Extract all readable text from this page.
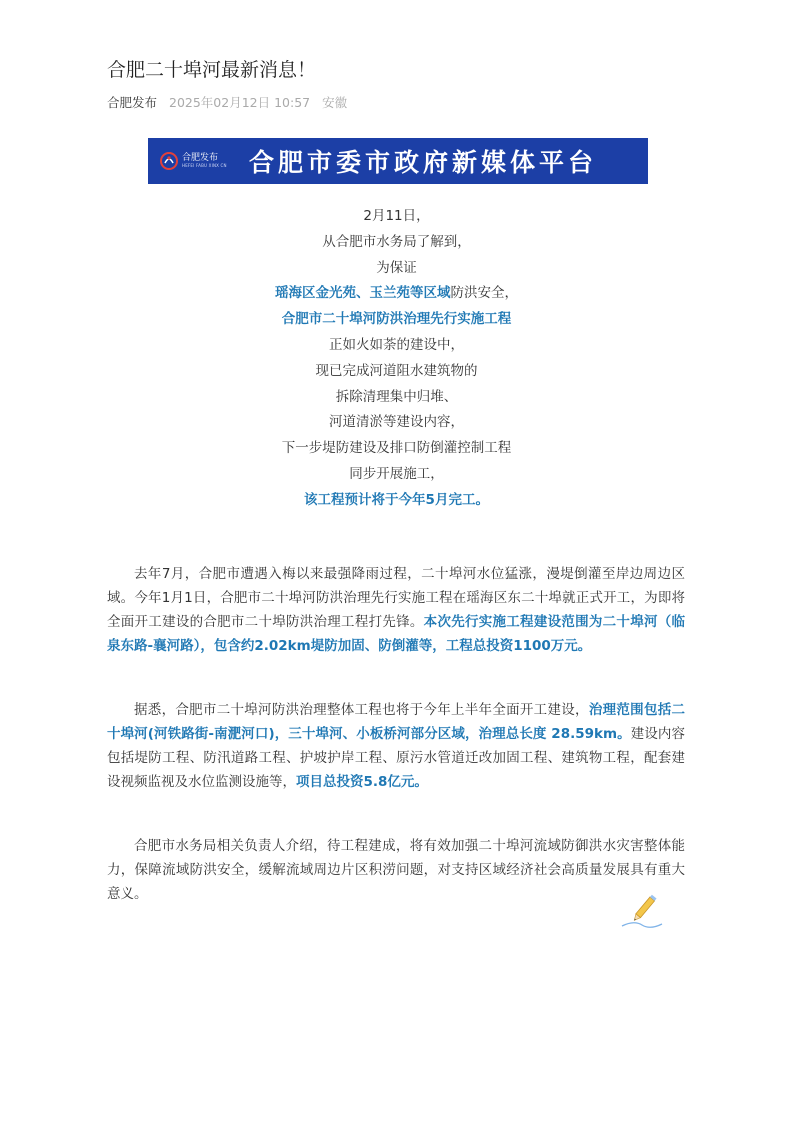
合肥二十埠河最新消息！
合肥发布 2025年02月12日 10:57 安徽
合肥发布
HEFEI FABU XINX CN 合肥市委市政府新媒体平台
2月11日，
从合肥市水务局了解到，
为保证
瑶海区金光苑、玉兰苑等区域防洪安全，
合肥市二十埠河防洪治理先行实施工程
正如火如荼的建设中，
现已完成河道阻水建筑物的
拆除清理集中归堆、
河道清淤等建设内容，
下一步堤防建设及排口防倒灌控制工程
同步开展施工，
该工程预计将于今年5月完工。

去年7月，合肥市遭遇入梅以来最强降雨过程，二十埠河水位猛涨，漫堤倒灌至岸边周边区域。今年1月1日，合肥市二十埠河防洪治理先行实施工程在瑶海区东二十埠就正式开工，为即将全面开工建设的合肥市二十埠防洪治理工程打先锋。本次先行实施工程建设范围为二十埠河（临泉东路-襄河路），包含约2.02km堤防加固、防倒灌等，工程总投资1100万元。

据悉，合肥市二十埠河防洪治理整体工程也将于今年上半年全面开工建设，治理范围包括二十埠河(河铁路街-南淝河口)，三十埠河、小板桥河部分区域，治理总长度 28.59km。建设内容包括堤防工程、防汛道路工程、护坡护岸工程、原污水管道迁改加固工程、建筑物工程，配套建设视频监视及水位监测设施等，项目总投资5.8亿元。

合肥市水务局相关负责人介绍，待工程建成，将有效加强二十埠河流域防御洪水灾害整体能力，保障流域防洪安全，缓解流域周边片区积涝问题，对支持区域经济社会高质量发展具有重大意义。
